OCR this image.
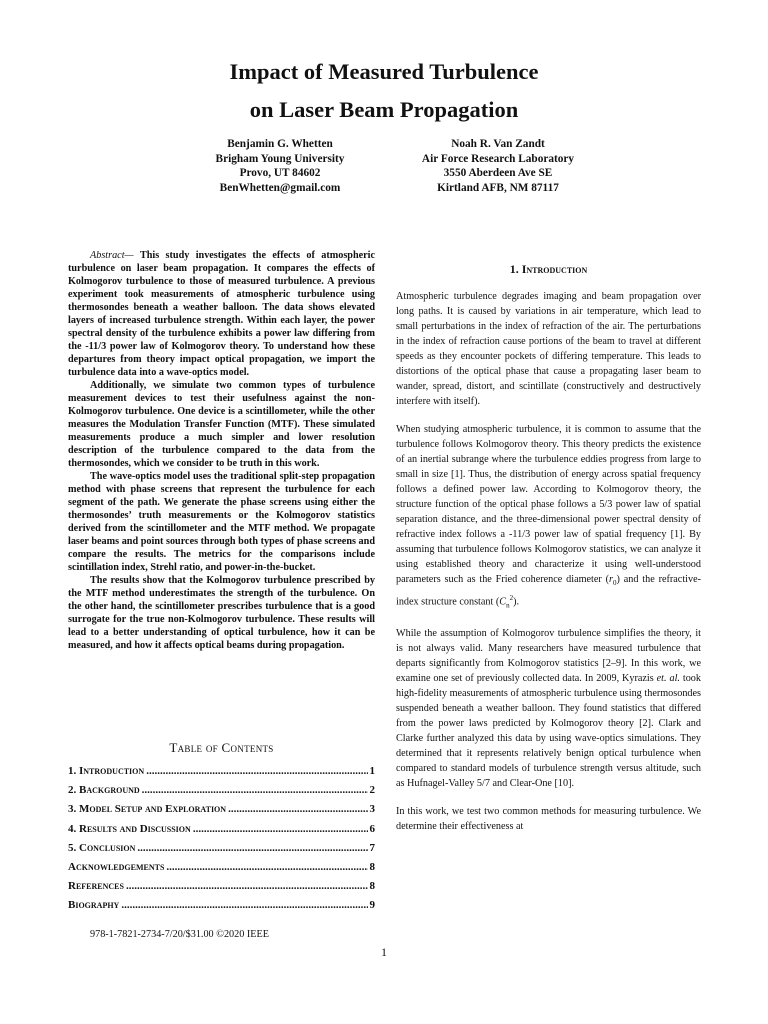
Impact of Measured Turbulence
on Laser Beam Propagation
Benjamin G. Whetten
Brigham Young University
Provo, UT 84602
BenWhetten@gmail.com
Noah R. Van Zandt
Air Force Research Laboratory
3550 Aberdeen Ave SE
Kirtland AFB, NM 87117

Abstract— This study investigates the effects of atmospheric turbulence on laser beam propagation. It compares the effects of Kolmogorov turbulence to those of measured turbulence. A previous experiment took measurements of atmospheric turbulence using thermosondes beneath a weather balloon. The data shows elevated layers of increased turbulence strength. Within each layer, the power spectral density of the turbulence exhibits a power law differing from the -11/3 power law of Kolmogorov theory. To understand how these departures from theory impact optical propagation, we import the turbulence data into a wave-optics model.

Additionally, we simulate two common types of turbulence measurement devices to test their usefulness against the non-Kolmogorov turbulence. One device is a scintillometer, while the other measures the Modulation Transfer Function (MTF). These simulated measurements produce a much simpler and lower resolution description of the turbulence compared to the data from the thermosondes, which we consider to be truth in this work.

The wave-optics model uses the traditional split-step propagation method with phase screens that represent the turbulence for each segment of the path. We generate the phase screens using either the thermosondes’ truth measurements or the Kolmogorov statistics derived from the scintillometer and the MTF method. We propagate laser beams and point sources through both types of phase screens and compare the results. The metrics for the comparisons include scintillation index, Strehl ratio, and power-in-the-bucket.

The results show that the Kolmogorov turbulence prescribed by the MTF method underestimates the strength of the turbulence. On the other hand, the scintillometer prescribes turbulence that is a good surrogate for the true non-Kolmogorov turbulence. These results will lead to a better understanding of optical turbulence, how it can be measured, and how it affects optical beams during propagation.

Table of Contents
1. Introduction .....	1
2. Background .....	2
3. Model Setup and Exploration .....	3
4. Results and Discussion .....	6
5. Conclusion .....	7
Acknowledgements .....	8
References .....	8
Biography .....	9
1. Introduction

Atmospheric turbulence degrades imaging and beam propagation over long paths. It is caused by variations in air temperature, which lead to small perturbations in the index of refraction of the air. The perturbations in the index of refraction cause portions of the beam to travel at different speeds as they encounter pockets of differing temperature. This leads to distortions of the optical phase that cause a propagating laser beam to wander, spread, distort, and scintillate (constructively and destructively interfere with itself).

When studying atmospheric turbulence, it is common to assume that the turbulence follows Kolmogorov theory. This theory predicts the existence of an inertial subrange where the turbulence eddies progress from large to small in size [1]. Thus, the distribution of energy across spatial frequency follows a defined power law. According to Kolmogorov theory, the structure function of the optical phase follows a 5/3 power law of spatial separation distance, and the three-dimensional power spectral density of refractive index follows a -11/3 power law of spatial frequency [1]. By assuming that turbulence follows Kolmogorov statistics, we can analyze it using established theory and characterize it using well-understood parameters such as the Fried coherence diameter $(r_0)$ and the refractive-index structure constant $(C_n^2)$.

While the assumption of Kolmogorov turbulence simplifies the theory, it is not always valid. Many researchers have measured turbulence that departs significantly from Kolmogorov statistics [2–9]. In this work, we examine one set of previously collected data. In 2009, Kyrazis et. al. took high-fidelity measurements of atmospheric turbulence using thermosondes suspended beneath a weather balloon. They found statistics that differed from the power laws predicted by Kolmogorov theory [2]. Clark and Clarke further analyzed this data by using wave-optics simulations. They determined that it represents relatively benign optical turbulence when compared to standard models of turbulence strength versus altitude, such as Hufnagel-Valley 5/7 and Clear-One [10].

In this work, we test two common methods for measuring turbulence. We determine their effectiveness at

978-1-7821-2734-7/20/$31.00 ©2020 IEEE
1
